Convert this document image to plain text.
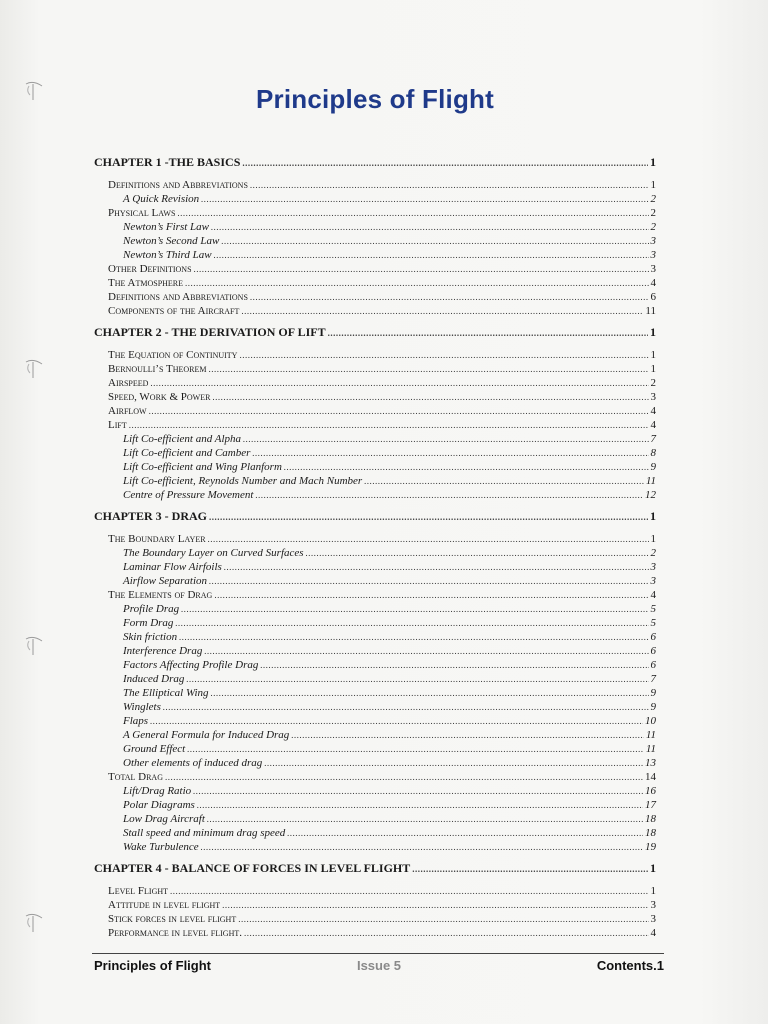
Principles of Flight
CHAPTER 1 -THE BASICS .....	1
Definitions and Abbreviations .....	1
A Quick Revision .....	2
Physical Laws .....	2
Newton’s First Law .....	2
Newton’s Second Law .....	3
Newton’s Third Law .....	3
Other Definitions .....	3
The Atmosphere .....	4
Definitions and Abbreviations .....	6
Components of the Aircraft .....	11
CHAPTER 2 - THE DERIVATION OF LIFT .....	1
The Equation of Continuity .....	1
Bernoulli’s Theorem .....	1
Airspeed .....	2
Speed, Work & Power .....	3
Airflow .....	4
Lift .....	4
Lift Co-efficient and Alpha .....	7
Lift Co-efficient and Camber .....	8
Lift Co-efficient and Wing Planform .....	9
Lift Co-efficient, Reynolds Number and Mach Number .....	11
Centre of Pressure Movement .....	12
CHAPTER 3 - DRAG .....	1
The Boundary Layer .....	1
The Boundary Layer on Curved Surfaces .....	2
Laminar Flow Airfoils .....	3
Airflow Separation .....	3
The Elements of Drag .....	4
Profile Drag .....	5
Form Drag .....	5
Skin friction .....	6
Interference Drag .....	6
Factors Affecting Profile Drag .....	6
Induced Drag .....	7
The Elliptical Wing .....	9
Winglets .....	9
Flaps .....	10
A General Formula for Induced Drag .....	11
Ground Effect .....	11
Other elements of induced drag .....	13
Total Drag .....	14
Lift/Drag Ratio .....	16
Polar Diagrams .....	17
Low Drag Aircraft .....	18
Stall speed and minimum drag speed .....	18
Wake Turbulence .....	19
CHAPTER 4 - BALANCE OF FORCES IN LEVEL FLIGHT .....	1
Level Flight .....	1
Attitude in level flight .....	3
Stick forces in level flight .....	3
Performance in level flight. .....	4
Principles of Flight	Issue 5	Contents.1
